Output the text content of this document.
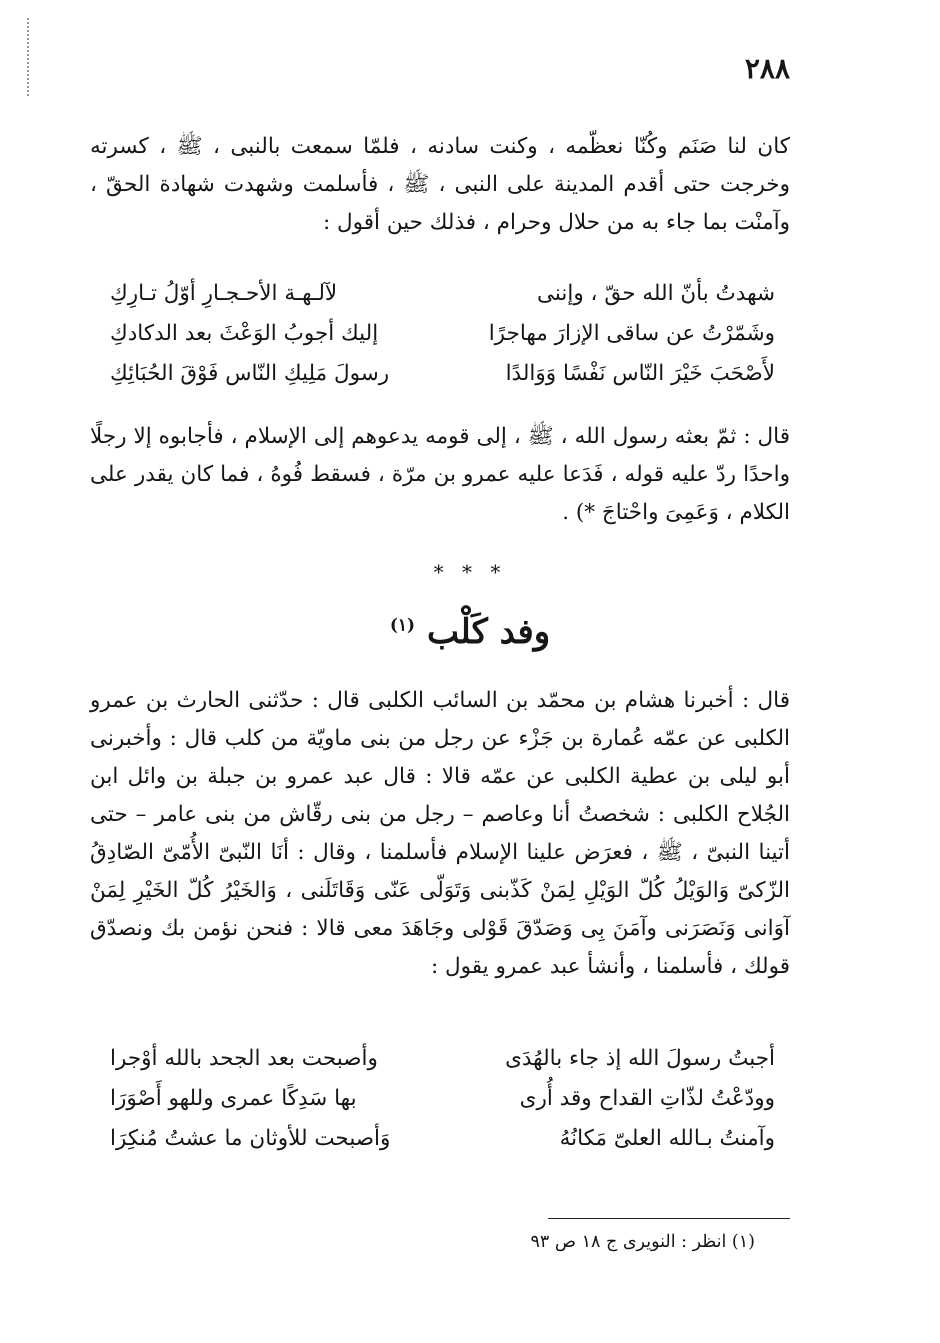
٢٨٨

كان لنا صَنَم وكُنّا نعظّمه ، وكنت سادنه ، فلمّا سمعت بالنبى ، ﷺ ، كسرته وخرجت حتى أقدم المدينة على النبى ، ﷺ ، فأسلمت وشهدت شهادة الحقّ ، وآمنْت بما جاء به من حلال وحرام ، فذلك حين أقول :

شهدتُ بأنّ الله حقّ ، وإننى
لآلـهـة الأحـجـارِ أوّلُ تـارِكِ
وشَمّرْتُ عن ساقى الإزارَ مهاجرًا
إليك أجوبُ الوَعْثَ بعد الدكادكِ
لأَصْحَبَ خَيْرَ النّاس نَفْسًا وَوَالدًا
رسولَ مَلِيكِ النّاس فَوْقَ الحُبَائِكِ

قال : ثمّ بعثه رسول الله ، ﷺ ، إلى قومه يدعوهم إلى الإسلام ، فأجابوه إلا رجلًا واحدًا ردّ عليه قوله ، فَدَعا عليه عمرو بن مرّة ، فسقط فُوهُ ، فما كان يقدر على الكلام ، وَعَمِىَ واحْتاجَ *) .

* * *
وفد كَلْب $^{(١)}$

قال : أخبرنا هشام بن محمّد بن السائب الكلبى قال : حدّثنى الحارث بن عمرو الكلبى عن عمّه عُمارة بن جَزْء عن رجل من بنى ماويّة من كلب قال : وأخبرنى أبو ليلى بن عطية الكلبى عن عمّه قالا : قال عبد عمرو بن جبلة بن وائل ابن الجُلاح الكلبى : شخصتُ أنا وعاصم – رجل من بنى رقّاش من بنى عامر – حتى أتينا النبىّ ، ﷺ ، فعرَض علينا الإسلام فأسلمنا ، وقال : أنَا النّبىّ الأُمّىّ الصّادِقُ الزّكىّ وَالوَيْلُ كُلّ الوَيْلِ لِمَنْ كَذّبنى وَتَوَلّى عَنّى وَقَاتَلَنى ، وَالخَيْرُ كُلّ الخَيْرِ لِمَنْ آوَانى وَنَصَرَنى وآمَنَ بِى وَصَدّقَ قَوْلى وجَاهَدَ معى قالا : فنحن نؤمن بك ونصدّق قولك ، فأسلمنا ، وأنشأ عبد عمرو يقول :

أجبتُ رسولَ الله إذ جاء بالهُدَى
وأصبحت بعد الجحد بالله أوْجرا
وودّعْتُ لذّاتِ القداح وقد أُرى
بها سَدِكًا عمرى وللهو أَصْوَرَا
وآمنتُ بـالله العلىّ مَكانُهُ
وَأصبحت للأوثان ما عشتُ مُنكِرَا
(١) انظر : النويرى ج ١٨ ص ٩٣
